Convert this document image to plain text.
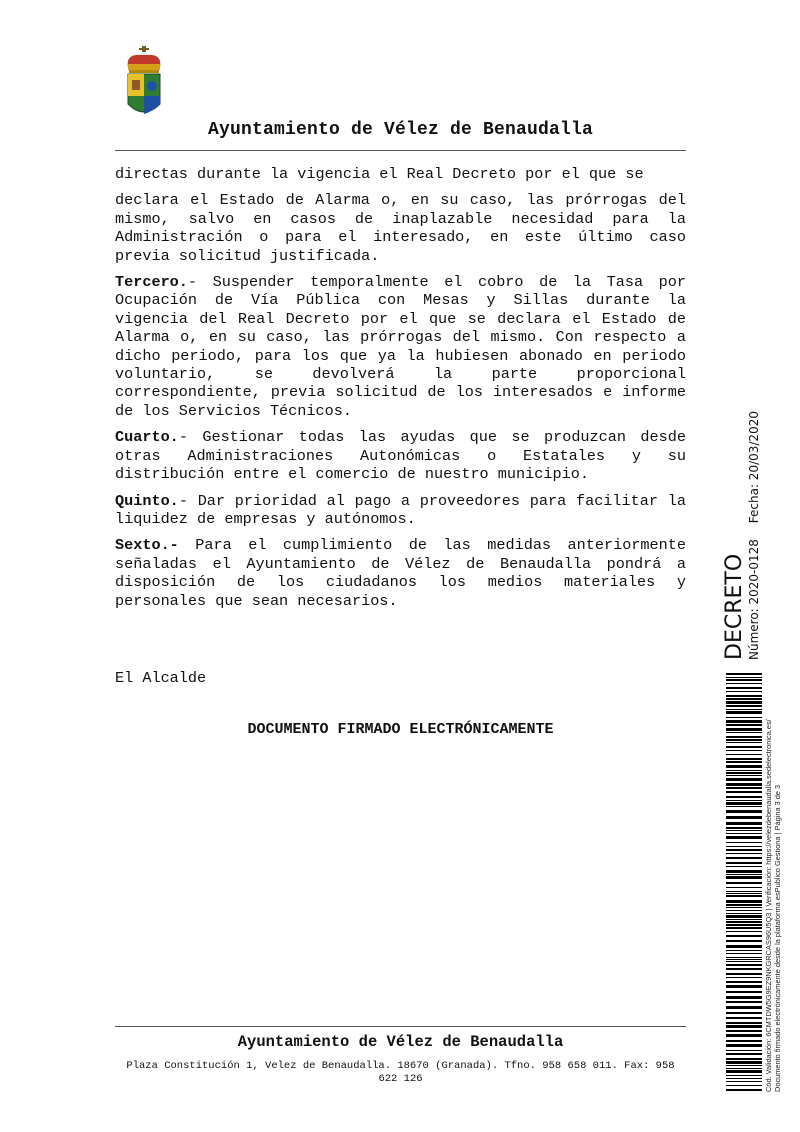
Ayuntamiento de Vélez de Benaudalla

directas durante la vigencia el Real Decreto por el que se

declara el Estado de Alarma o, en su caso, las prórrogas del mismo, salvo en casos de inaplazable necesidad para la Administración o para el interesado, en este último caso previa solicitud justificada.

Tercero.- Suspender temporalmente el cobro de la Tasa por Ocupación de Vía Pública con Mesas y Sillas durante la vigencia del Real Decreto por el que se declara el Estado de Alarma o, en su caso, las prórrogas del mismo. Con respecto a dicho periodo, para los que ya la hubiesen abonado en periodo voluntario, se devolverá la parte proporcional correspondiente, previa solicitud de los interesados e informe de los Servicios Técnicos.

Cuarto.- Gestionar todas las ayudas que se produzcan desde otras Administraciones Autonómicas o Estatales y su distribución entre el comercio de nuestro municipio.

Quinto.- Dar prioridad al pago a proveedores para facilitar la liquidez de empresas y autónomos.

Sexto.- Para el cumplimiento de las medidas anteriormente señaladas el Ayuntamiento de Vélez de Benaudalla pondrá a disposición de los ciudadanos los medios materiales y personales que sean necesarios.

El Alcalde
DOCUMENTO FIRMADO ELECTRÓNICAMENTE
Ayuntamiento de Vélez de Benaudalla
Plaza Constitución 1, Velez de Benaudalla. 18670 (Granada). Tfno. 958 658 011. Fax: 958 622 126
DECRETO Número: 2020-0128 Fecha: 20/03/2020
Cód. Validación: 6CMTDW5G9EZ9NKGRCAS96U5Q3 | Verificación: https://velezdebenaudalla.sedelectronica.es/ Documento firmado electrónicamente desde la plataforma esPublico Gestiona | Página 3 de 3
